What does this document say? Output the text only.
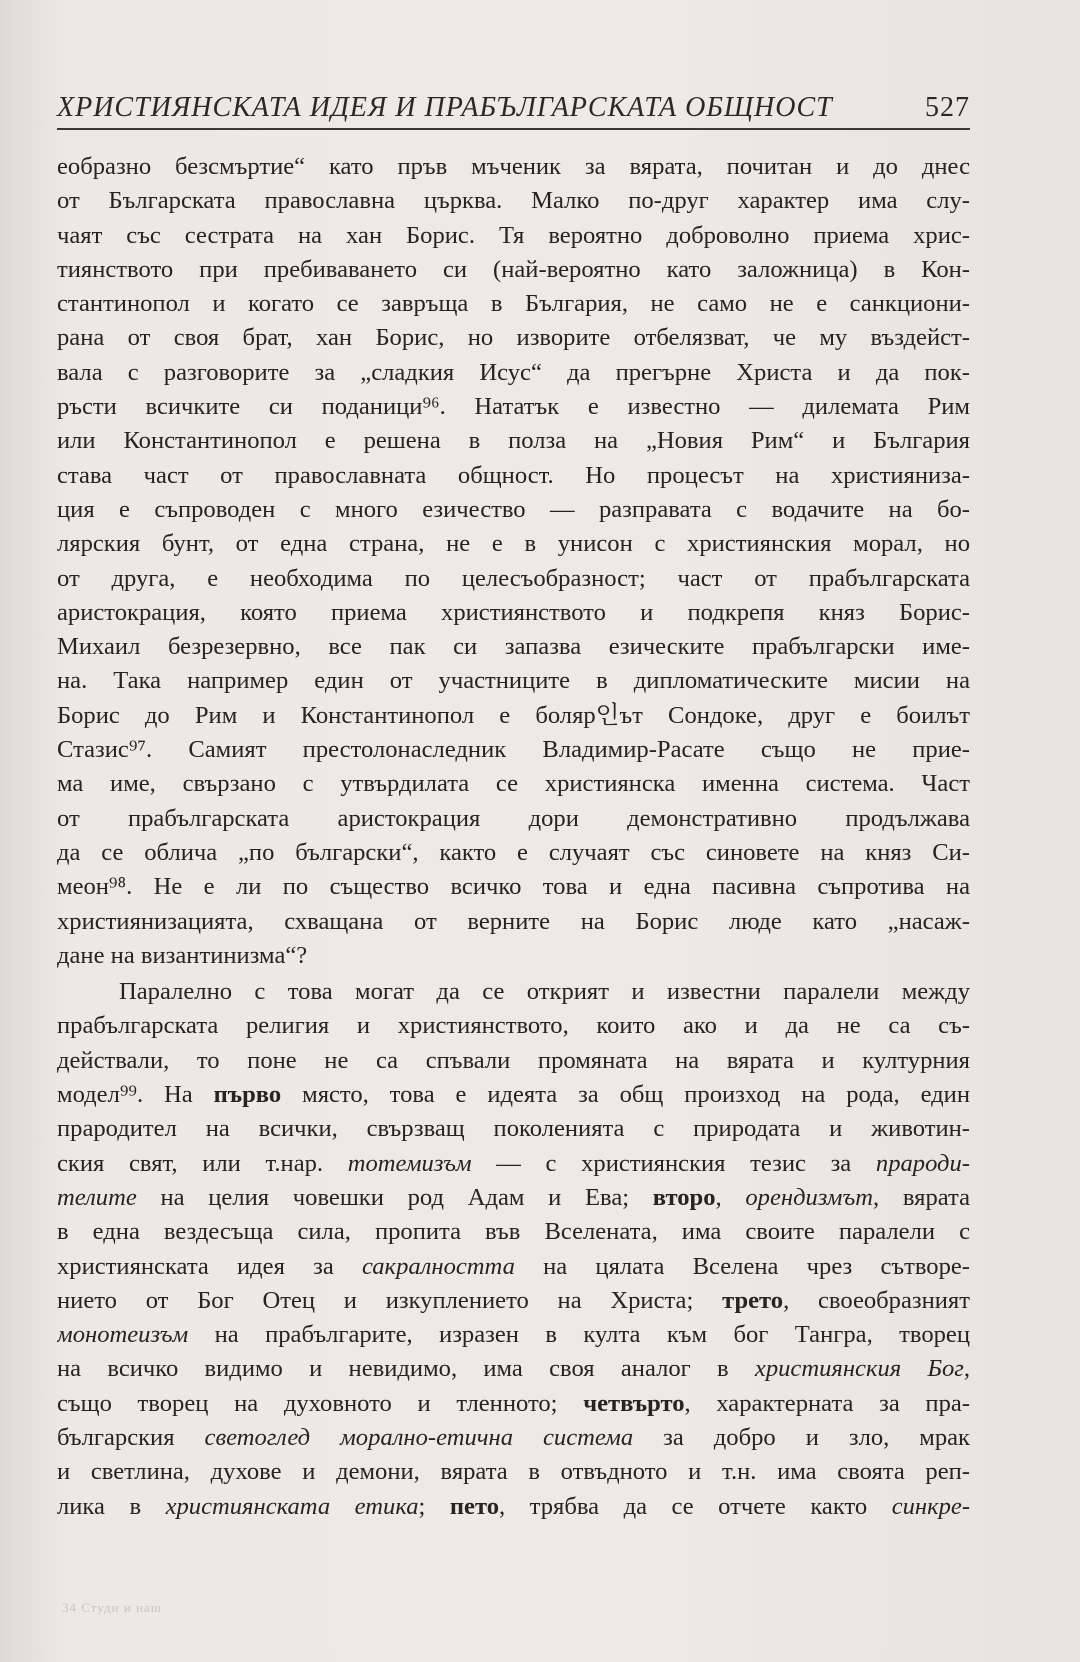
ХРИСТИЯНСКАТА ИДЕЯ И ПРАБЪЛГАРСКАТА ОБЩНОСТ	527
еобразно безсмъртие“ като пръв мъченик за вярата, почитан и до днес
от Българската православна църква. Малко по-друг характер има слу-
чаят със сестрата на хан Борис. Тя вероятно доброволно приема хрис-
тиянството при пребиваването си (най-вероятно като заложница) в Кон-
стантинопол и когато се завръща в България, не само не е санкциони-
рана от своя брат, хан Борис, но изворите отбелязват, че му въздейст-
вала с разговорите за „сладкия Исус“ да прегърне Христа и да пок-
ръсти всичките си поданици⁹⁶. Нататък е известно — дилемата Рим
или Константинопол е решена в полза на „Новия Рим“ и България
става част от православната общност. Но процесът на християниза-
ция е съпроводен с много езичество — разправата с водачите на бо-
лярския бунт, от една страна, не е в унисон с християнския морал, но
от друга, е необходима по целесъобразност; част от прабългарската
аристокрация, която приема християнството и подкрепя княз Борис-
Михаил безрезервно, все пак си запазва езическите прабългарски име-
на. Така например един от участниците в дипломатическите мисии на
Борис до Рим и Константинопол е боляр인ът Сондоке, друг е боилът
Стазис⁹⁷. Самият престолонаследник Владимир-Расате също не прие-
ма име, свързано с утвърдилата се християнска именна система. Част
от прабългарската аристокрация дори демонстративно продължава
да се облича „по български“, както е случаят със синовете на княз Си-
меон⁹⁸. Не е ли по същество всичко това и една пасивна съпротива на
християнизацията, схващана от верните на Борис люде като „насаж-
дане на византинизма“?
Паралелно с това могат да се открият и известни паралели между
прабългарската религия и християнството, които ако и да не са съ-
действали, то поне не са спъвали промяната на вярата и културния
модел⁹⁹. На първо място, това е идеята за общ произход на рода, един
прародител на всички, свързващ поколенията с природата и животин-
ския свят, или т.нар. тотемизъм — с християнския тезис за прароди-
телите на целия човешки род Адам и Ева; второ, орендизмът, вярата
в една вездесъща сила, пропита във Вселената, има своите паралели с
християнската идея за сакралността на цялата Вселена чрез сътворе-
нието от Бог Отец и изкуплението на Христа; трето, своеобразният
монотеизъм на прабългарите, изразен в култа към бог Тангра, творец
на всичко видимо и невидимо, има своя аналог в християнския Бог,
също творец на духовното и тленното; четвърто, характерната за пра-
българския светоглед морално-етична система за добро и зло, мрак
и светлина, духове и демони, вярата в отвъдното и т.н. има своята реп-
лика в християнската етика; пето, трябва да се отчете както синкре-
34 Студи и наш
